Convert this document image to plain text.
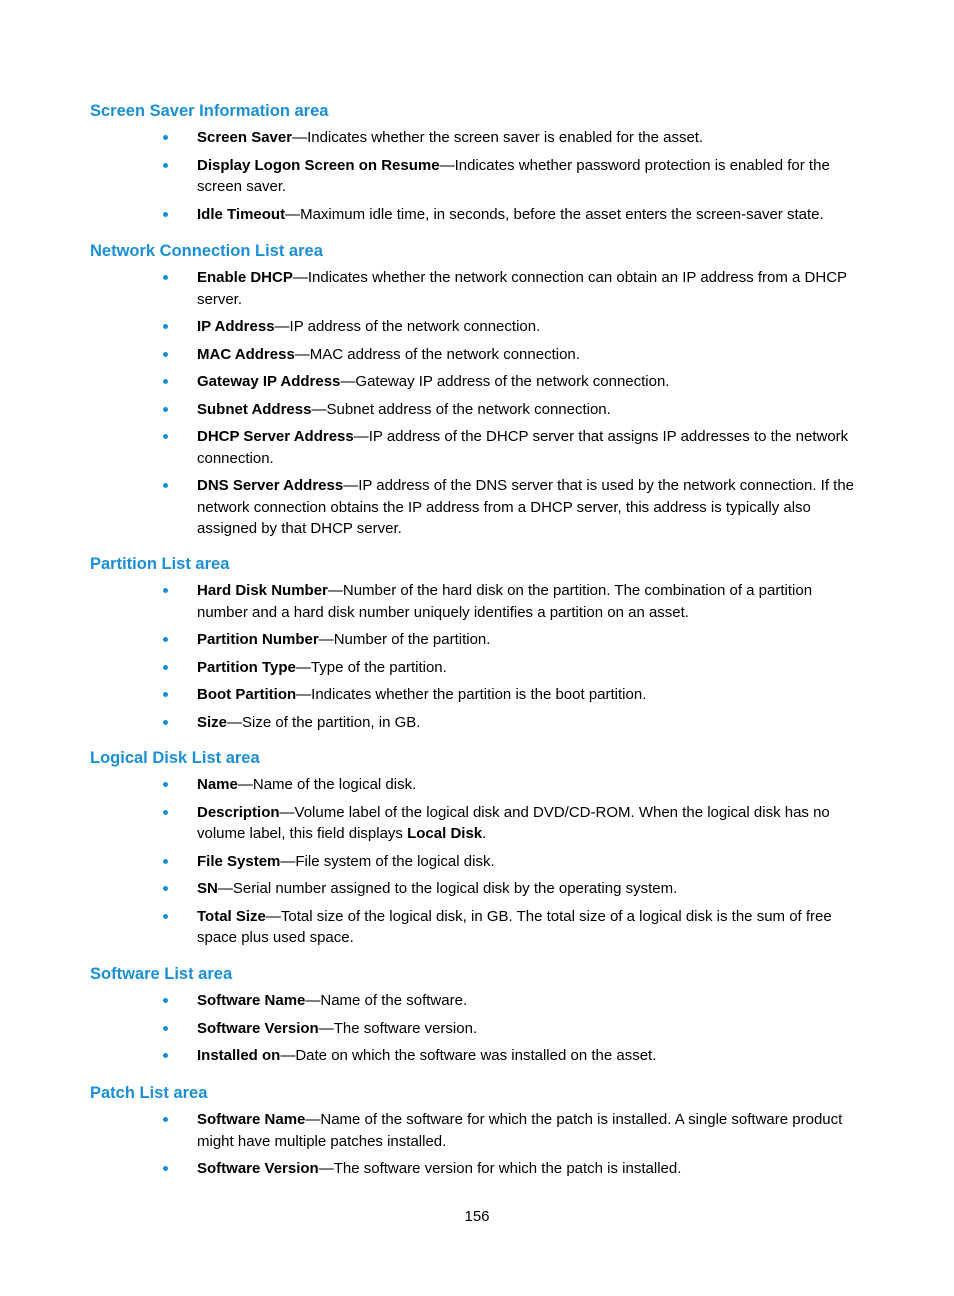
Screen Saver Information area
Screen Saver—Indicates whether the screen saver is enabled for the asset.
Display Logon Screen on Resume—Indicates whether password protection is enabled for the screen saver.
Idle Timeout—Maximum idle time, in seconds, before the asset enters the screen-saver state.
Network Connection List area
Enable DHCP—Indicates whether the network connection can obtain an IP address from a DHCP server.
IP Address—IP address of the network connection.
MAC Address—MAC address of the network connection.
Gateway IP Address—Gateway IP address of the network connection.
Subnet Address—Subnet address of the network connection.
DHCP Server Address—IP address of the DHCP server that assigns IP addresses to the network connection.
DNS Server Address—IP address of the DNS server that is used by the network connection. If the network connection obtains the IP address from a DHCP server, this address is typically also assigned by that DHCP server.
Partition List area
Hard Disk Number—Number of the hard disk on the partition. The combination of a partition number and a hard disk number uniquely identifies a partition on an asset.
Partition Number—Number of the partition.
Partition Type—Type of the partition.
Boot Partition—Indicates whether the partition is the boot partition.
Size—Size of the partition, in GB.
Logical Disk List area
Name—Name of the logical disk.
Description—Volume label of the logical disk and DVD/CD-ROM. When the logical disk has no volume label, this field displays Local Disk.
File System—File system of the logical disk.
SN—Serial number assigned to the logical disk by the operating system.
Total Size—Total size of the logical disk, in GB. The total size of a logical disk is the sum of free space plus used space.
Software List area
Software Name—Name of the software.
Software Version—The software version.
Installed on—Date on which the software was installed on the asset.
Patch List area
Software Name—Name of the software for which the patch is installed. A single software product might have multiple patches installed.
Software Version—The software version for which the patch is installed.
156
